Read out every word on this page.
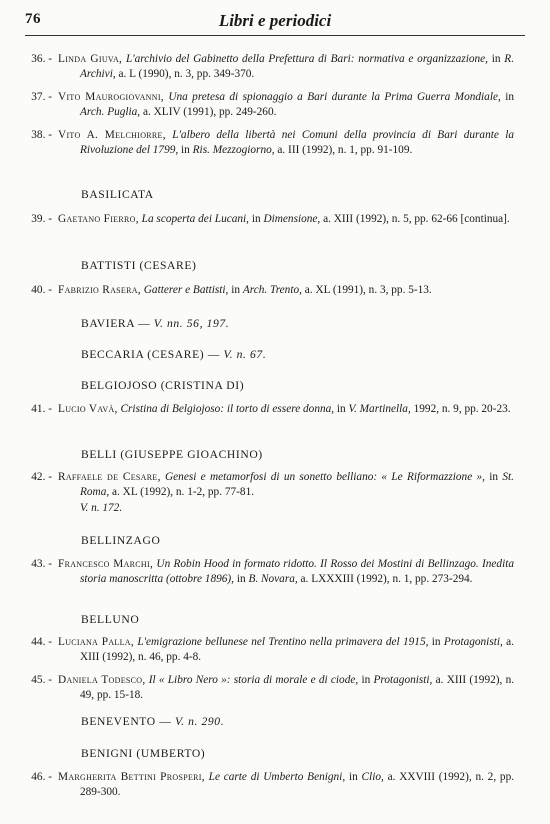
76	Libri e periodici
36. - Linda Giuva, L'archivio del Gabinetto della Prefettura di Bari: normativa e organizzazione, in R. Archivi, a. L (1990), n. 3, pp. 349-370.
37. - Vito Maurogiovanni, Una pretesa di spionaggio a Bari durante la Prima Guerra Mondiale, in Arch. Puglia, a. XLIV (1991), pp. 249-260.
38. - Vito A. Melchiorre, L'albero della libertà nei Comuni della provincia di Bari durante la Rivoluzione del 1799, in Ris. Mezzogiorno, a. III (1992), n. 1, pp. 91-109.
BASILICATA
39. - Gaetano Fierro, La scoperta dei Lucani, in Dimensione, a. XIII (1992), n. 5, pp. 62-66 [continua].
BATTISTI (CESARE)
40. - Fabrizio Rasera, Gatterer e Battisti, in Arch. Trento, a. XL (1991), n. 3, pp. 5-13.
BAVIERA — V. nn. 56, 197.
BECCARIA (CESARE) — V. n. 67.
BELGIOJOSO (CRISTINA DI)
41. - Lucio Vavà, Cristina di Belgiojoso: il torto di essere donna, in V. Martinella, 1992, n. 9, pp. 20-23.
BELLI (GIUSEPPE GIOACHINO)
42. - Raffaele de Cesare, Genesi e metamorfosi di un sonetto belliano: « Le Riformazzione », in St. Roma, a. XL (1992), n. 1-2, pp. 77-81.
V. n. 172.
BELLINZAGO
43. - Francesco Marchi, Un Robin Hood in formato ridotto. Il Rosso dei Mostini di Bellinzago. Inedita storia manoscritta (ottobre 1896), in B. Novara, a. LXXXIII (1992), n. 1, pp. 273-294.
BELLUNO
44. - Luciana Palla, L'emigrazione bellunese nel Trentino nella primavera del 1915, in Protagonisti, a. XIII (1992), n. 46, pp. 4-8.
45. - Daniela Todesco, Il « Libro Nero »: storia di morale e di ciode, in Protagonisti, a. XIII (1992), n. 49, pp. 15-18.
BENEVENTO — V. n. 290.
BENIGNI (UMBERTO)
46. - Margherita Bettini Prosperi, Le carte di Umberto Benigni, in Clio, a. XXVIII (1992), n. 2, pp. 289-300.
